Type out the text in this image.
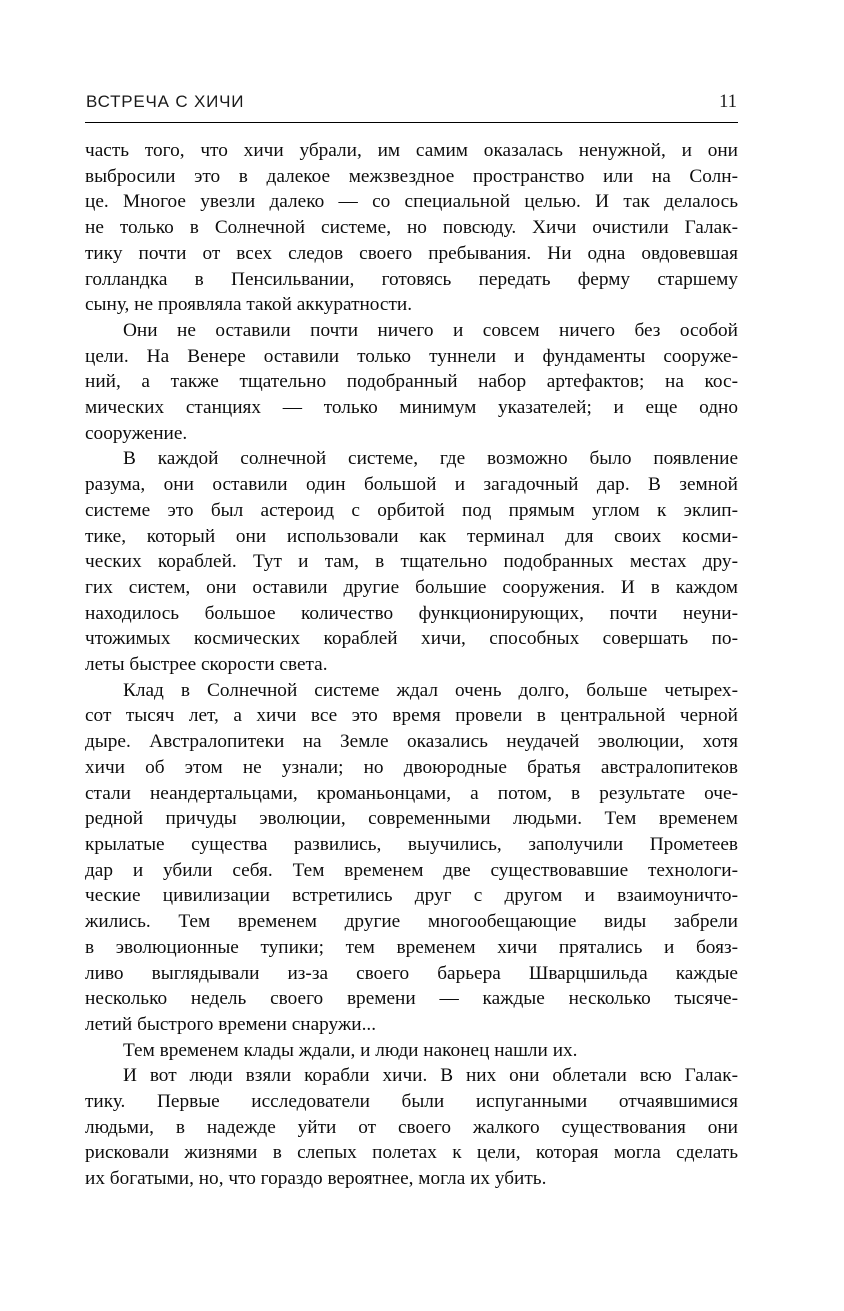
ВСТРЕЧА С ХИЧИ	11
часть того, что хичи убрали, им самим оказалась ненужной, и они
выбросили это в далекое межзвездное пространство или на Солн-
це. Многое увезли далеко — со специальной целью. И так делалось
не только в Солнечной системе, но повсюду. Хичи очистили Галак-
тику почти от всех следов своего пребывания. Ни одна овдовевшая
голландка в Пенсильвании, готовясь передать ферму старшему
сыну, не проявляла такой аккуратности.
Они не оставили почти ничего и совсем ничего без особой
цели. На Венере оставили только туннели и фундаменты сооруже-
ний, а также тщательно подобранный набор артефактов; на кос-
мических станциях — только минимум указателей; и еще одно
сооружение.
В каждой солнечной системе, где возможно было появление
разума, они оставили один большой и загадочный дар. В земной
системе это был астероид с орбитой под прямым углом к эклип-
тике, который они использовали как терминал для своих косми-
ческих кораблей. Тут и там, в тщательно подобранных местах дру-
гих систем, они оставили другие большие сооружения. И в каждом
находилось большое количество функционирующих, почти неуни-
чтожимых космических кораблей хичи, способных совершать по-
леты быстрее скорости света.
Клад в Солнечной системе ждал очень долго, больше четырех-
сот тысяч лет, а хичи все это время провели в центральной черной
дыре. Австралопитеки на Земле оказались неудачей эволюции, хотя
хичи об этом не узнали; но двоюродные братья австралопитеков
стали неандертальцами, кроманьонцами, а потом, в результате оче-
редной причуды эволюции, современными людьми. Тем временем
крылатые существа развились, выучились, заполучили Прометеев
дар и убили себя. Тем временем две существовавшие технологи-
ческие цивилизации встретились друг с другом и взаимоуничто-
жились. Тем временем другие многообещающие виды забрели
в эволюционные тупики; тем временем хичи прятались и бояз-
ливо выглядывали из-за своего барьера Шварцшильда каждые
несколько недель своего времени — каждые несколько тысяче-
летий быстрого времени снаружи...
Тем временем клады ждали, и люди наконец нашли их.
И вот люди взяли корабли хичи. В них они облетали всю Галак-
тику. Первые исследователи были испуганными отчаявшимися
людьми, в надежде уйти от своего жалкого существования они
рисковали жизнями в слепых полетах к цели, которая могла сделать
их богатыми, но, что гораздо вероятнее, могла их убить.
